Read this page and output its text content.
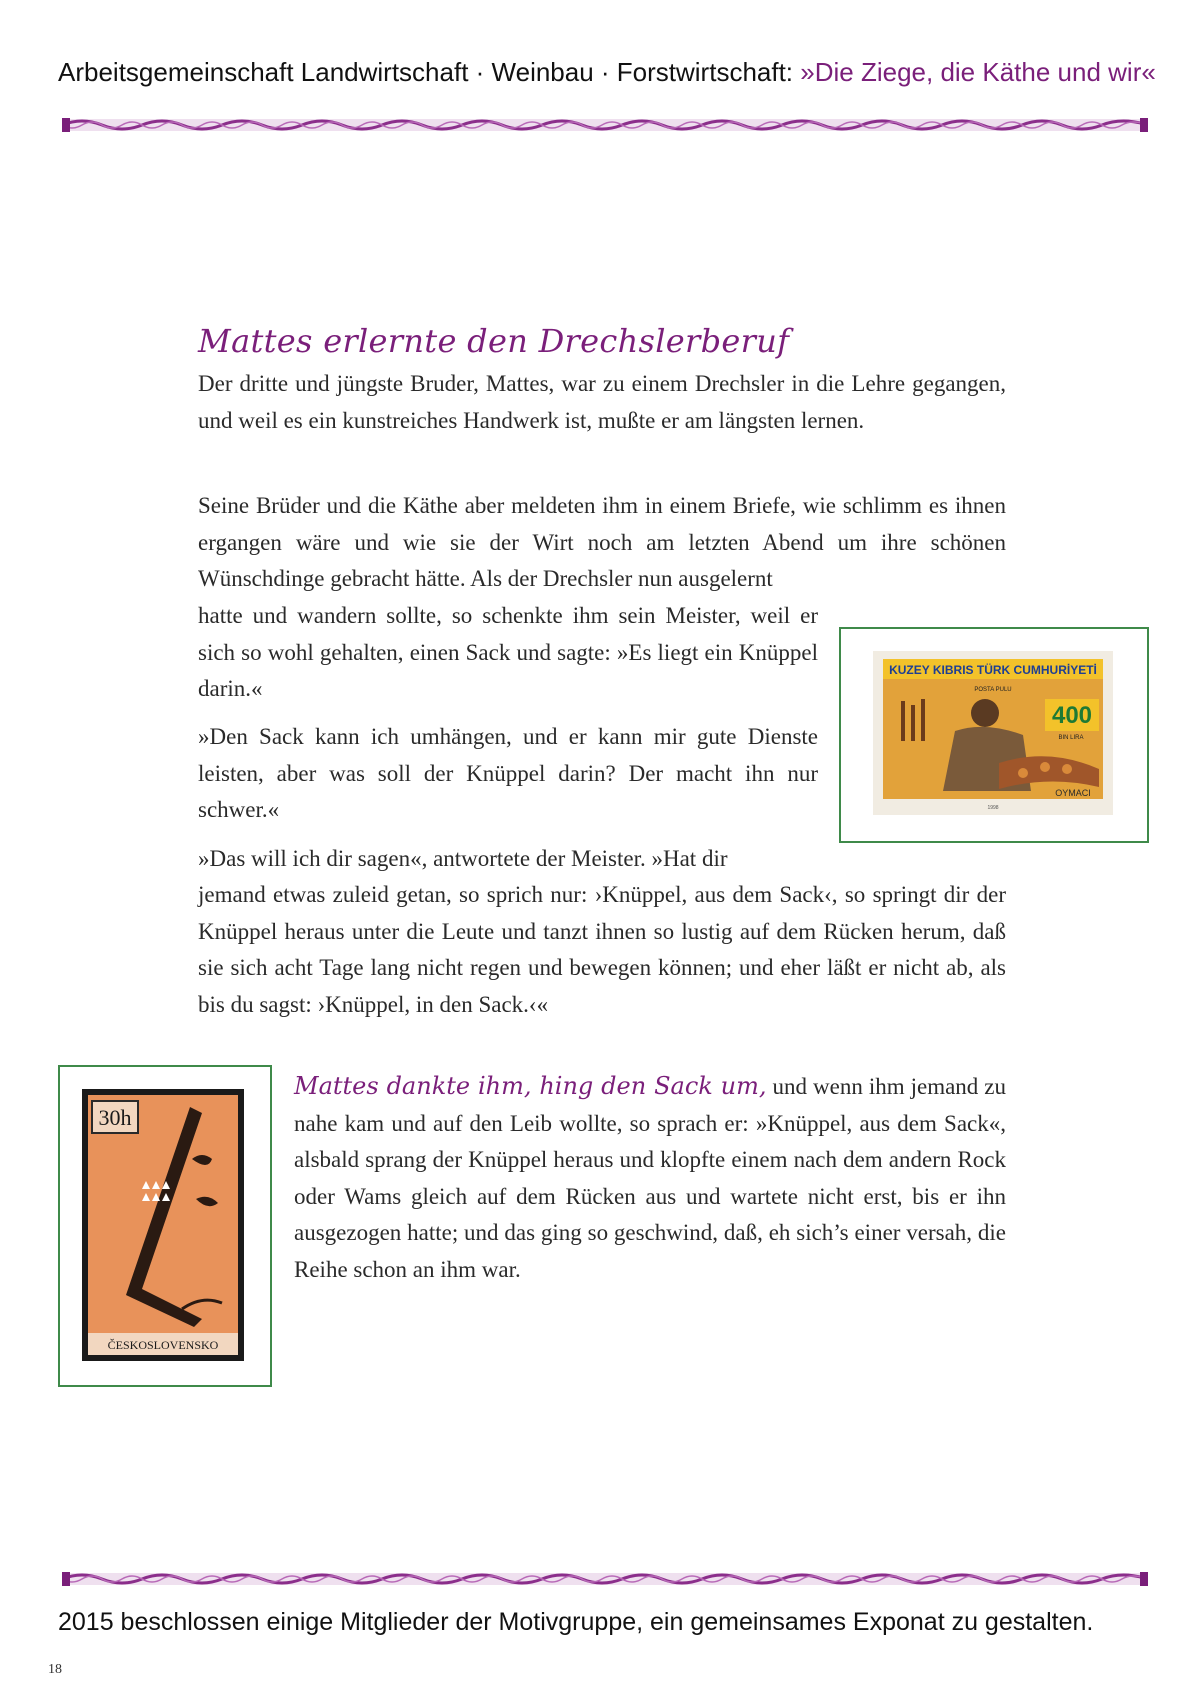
Arbeitsgemeinschaft Landwirtschaft · Weinbau · Forstwirtschaft: »Die Ziege, die Käthe und wir«
Mattes erlernte den Drechslerberuf

Der dritte und jüngste Bruder, Mattes, war zu einem Drechsler in die Lehre gegangen, und weil es ein kunstreiches Handwerk ist, mußte er am längsten lernen.

Seine Brüder und die Käthe aber meldeten ihm in einem Briefe, wie schlimm es ihnen ergangen wäre und wie sie der Wirt noch am letzten Abend um ihre schönen Wünschdinge gebracht hätte. Als der Drechsler nun ausgelernt

hatte und wandern sollte, so schenkte ihm sein Meister, weil er sich so wohl gehalten, einen Sack und sagte: »Es liegt ein Knüppel darin.«

»Den Sack kann ich umhängen, und er kann mir gute Dienste leisten, aber was soll der Knüppel darin? Der macht ihn nur schwer.«

»Das will ich dir sagen«, antwortete der Meister. »Hat dir

jemand etwas zuleid getan, so sprich nur: ›Knüppel, aus dem Sack‹, so springt dir der Knüppel heraus unter die Leute und tanzt ihnen so lustig auf dem Rücken herum, daß sie sich acht Tage lang nicht regen und bewegen können; und eher läßt er nicht ab, als bis du sagst: ›Knüppel, in den Sack.‹«

Mattes dankte ihm, hing den Sack um, und wenn ihm jemand zu nahe kam und auf den Leib wollte, so sprach er: »Knüppel, aus dem Sack«, alsbald sprang der Knüppel heraus und klopfte einem nach dem andern Rock oder Wams gleich auf dem Rücken aus und wartete nicht erst, bis er ihn ausgezogen hatte; und das ging so geschwind, daß, eh sich’s einer versah, die Reihe schon an ihm war.

KUZEY KIBRIS TÜRK CUMHURİYETİ
POSTA PULU
400
BIN LIRA
OYMACI
1998
30h
ČESKOSLOVENSKO
2015 beschlossen einige Mitglieder der Motivgruppe, ein gemeinsames Exponat zu gestalten.
18
